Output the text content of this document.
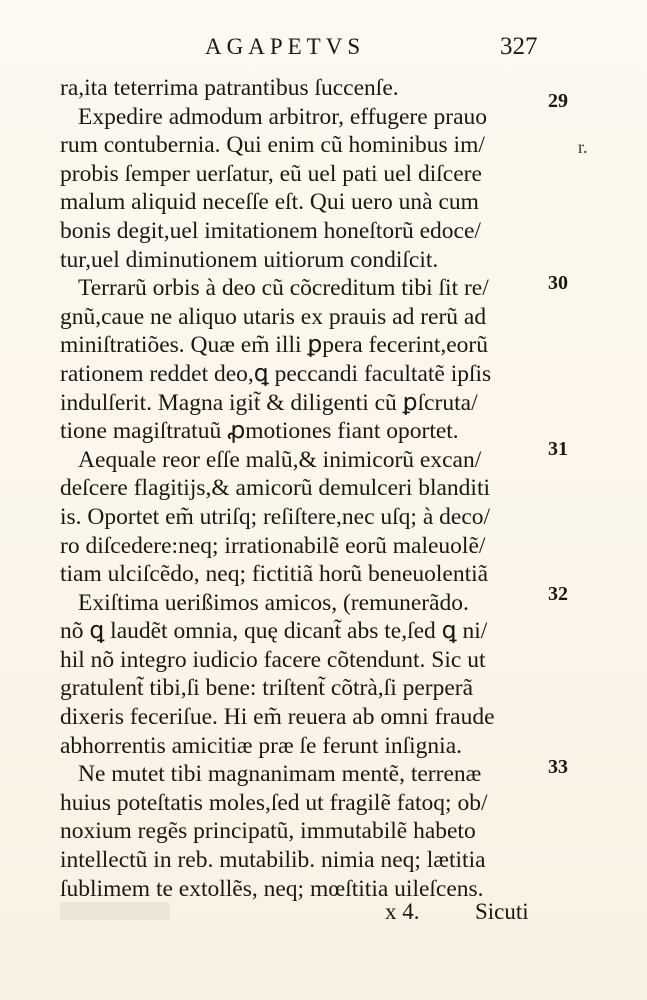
AGAPETVS	327
ra,ita teterrima patrantibus ſuccenſe.
Expedire admodum arbitror, effugere prauo
rum contubernia. Qui enim cũ hominibus im/
probis ſemper uerſatur, eũ uel pati uel diſcere
malum aliquid neceſſe eſt. Qui uero unà cum
bonis degit,uel imitationem honeſtorũ edoce/
tur,uel diminutionem uitiorum condiſcit.
Terrarũ orbis à deo cũ cõcreditum tibi ſit re/
gnũ,caue ne aliquo utaris ex prauis ad rerũ ad
miniſtratiões. Quæ em̃ illi ꝑpera fecerint,eorũ
rationem reddet deo,ꝗ peccandi facultatẽ ipſis
indulſerit. Magna igit̃ & diligenti cũ ꝑſcruta/
tione magiſtratuũ ꝓmotiones fiant oportet.
Aequale reor eſſe malũ,& inimicorũ excan/
deſcere flagitijs,& amicorũ demulceri blanditi
is. Oportet em̃ utriſq; reſiſtere,nec uſq; à deco/
ro diſcedere:neq; irrationabilẽ eorũ maleuolẽ/
tiam ulciſcẽdo, neq; fictitiã horũ beneuolentiã
Exiſtima uerißimos amicos, (remunerãdo.
nõ ꝗ laudẽt omnia, quę dicant̃ abs te,ſed ꝗ ni/
hil nõ integro iudicio facere cõtendunt. Sic ut
gratulent̃ tibi,ſi bene: triſtent̃ cõtrà,ſi perperã
dixeris feceriſue. Hi em̃ reuera ab omni fraude
abhorrentis amicitiæ præ ſe ferunt inſignia.
Ne mutet tibi magnanimam mentẽ, terrenæ
huius poteſtatis moles,ſed ut fragilẽ fatoq; ob/
noxium regẽs principatũ, immutabilẽ habeto
intellectũ in reb. mutabilib. nimia neq; lætitia
ſublimem te extollẽs, neq; mœſtitia uileſcens.
29
r.
30
31
32
33
x 4. Sicuti
